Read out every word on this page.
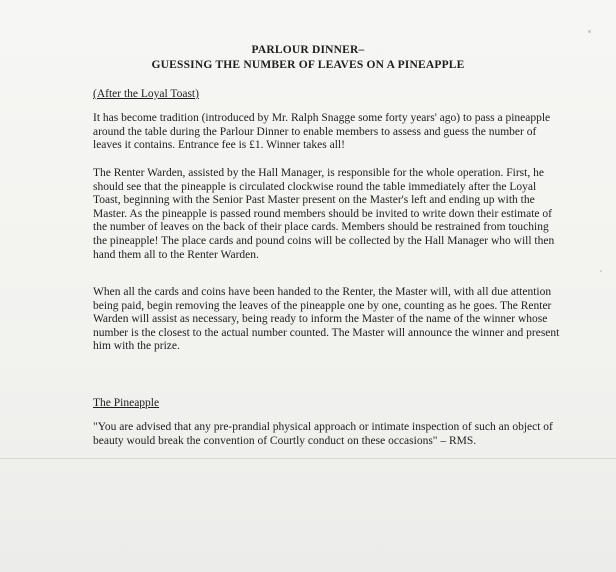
PARLOUR DINNER–
GUESSING THE NUMBER OF LEAVES ON A PINEAPPLE
(After the Loyal Toast)

It has become tradition (introduced by Mr. Ralph Snagge some forty years' ago) to pass a pineapple around the table during the Parlour Dinner to enable members to assess and guess the number of leaves it contains. Entrance fee is £1. Winner takes all!

The Renter Warden, assisted by the Hall Manager, is responsible for the whole operation. First, he should see that the pineapple is circulated clockwise round the table immediately after the Loyal Toast, beginning with the Senior Past Master present on the Master's left and ending up with the Master. As the pineapple is passed round members should be invited to write down their estimate of the number of leaves on the back of their place cards. Members should be restrained from touching the pineapple! The place cards and pound coins will be collected by the Hall Manager who will then hand them all to the Renter Warden.

When all the cards and coins have been handed to the Renter, the Master will, with all due attention being paid, begin removing the leaves of the pineapple one by one, counting as he goes. The Renter Warden will assist as necessary, being ready to inform the Master of the name of the winner whose number is the closest to the actual number counted. The Master will announce the winner and present him with the prize.

The Pineapple

"You are advised that any pre-prandial physical approach or intimate inspection of such an object of beauty would break the convention of Courtly conduct on these occasions" – RMS.
